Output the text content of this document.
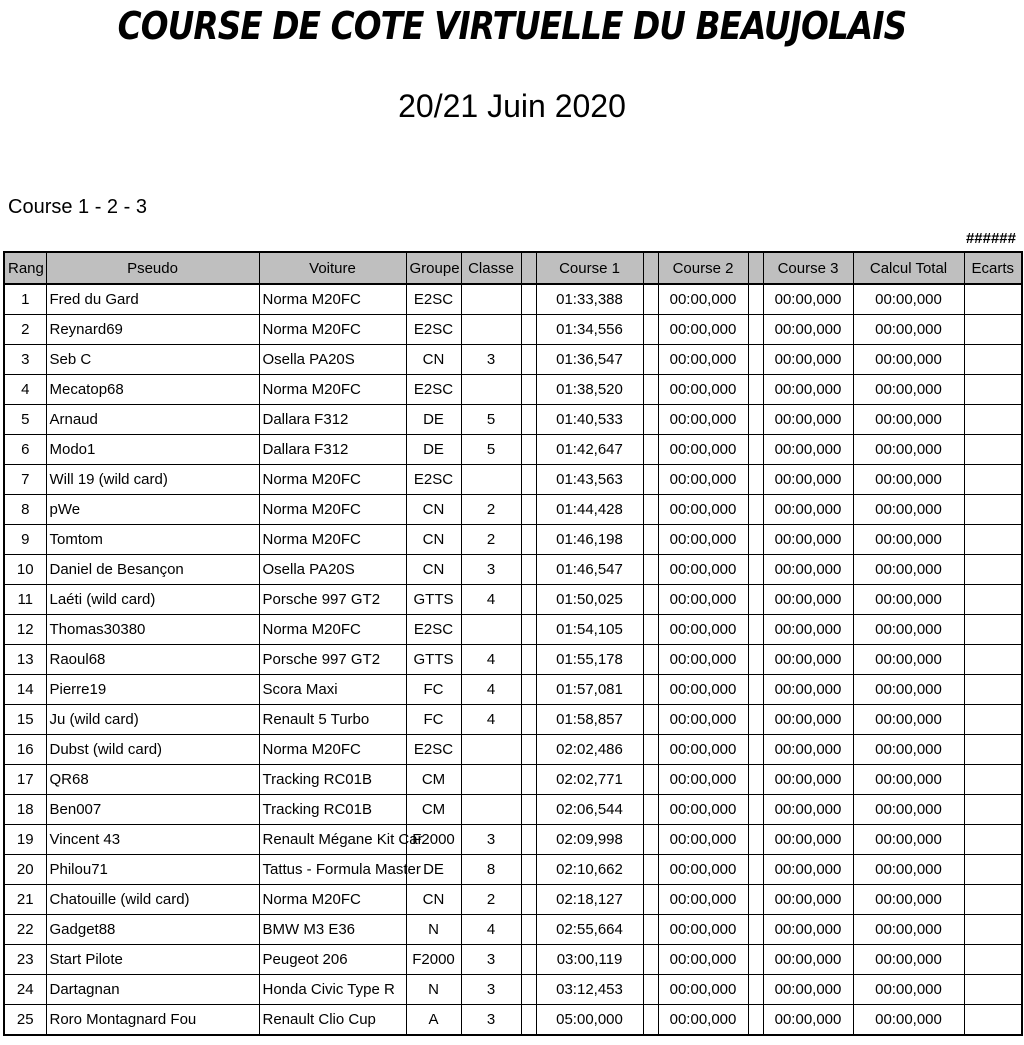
COURSE DE COTE VIRTUELLE DU BEAUJOLAIS
20/21 Juin 2020
Course 1 - 2 - 3
######
Rang	Pseudo	Voiture	Groupe	Classe		Course 1		Course 2		Course 3	Calcul Total	Ecarts
1	Fred du Gard	Norma M20FC	E2SC			01:33,388		00:00,000		00:00,000	00:00,000	
2	Reynard69	Norma M20FC	E2SC			01:34,556		00:00,000		00:00,000	00:00,000	
3	Seb C	Osella PA20S	CN	3		01:36,547		00:00,000		00:00,000	00:00,000	
4	Mecatop68	Norma M20FC	E2SC			01:38,520		00:00,000		00:00,000	00:00,000	
5	Arnaud	Dallara F312	DE	5		01:40,533		00:00,000		00:00,000	00:00,000	
6	Modo1	Dallara F312	DE	5		01:42,647		00:00,000		00:00,000	00:00,000	
7	Will 19 (wild card)	Norma M20FC	E2SC			01:43,563		00:00,000		00:00,000	00:00,000	
8	pWe	Norma M20FC	CN	2		01:44,428		00:00,000		00:00,000	00:00,000	
9	Tomtom	Norma M20FC	CN	2		01:46,198		00:00,000		00:00,000	00:00,000	
10	Daniel de Besançon	Osella PA20S	CN	3		01:46,547		00:00,000		00:00,000	00:00,000	
11	Laéti (wild card)	Porsche 997 GT2	GTTS	4		01:50,025		00:00,000		00:00,000	00:00,000	
12	Thomas30380	Norma M20FC	E2SC			01:54,105		00:00,000		00:00,000	00:00,000	
13	Raoul68	Porsche 997 GT2	GTTS	4		01:55,178		00:00,000		00:00,000	00:00,000	
14	Pierre19	Scora Maxi	FC	4		01:57,081		00:00,000		00:00,000	00:00,000	
15	Ju (wild card)	Renault 5 Turbo	FC	4		01:58,857		00:00,000		00:00,000	00:00,000	
16	Dubst (wild card)	Norma M20FC	E2SC			02:02,486		00:00,000		00:00,000	00:00,000	
17	QR68	Tracking RC01B	CM			02:02,771		00:00,000		00:00,000	00:00,000	
18	Ben007	Tracking RC01B	CM			02:06,544		00:00,000		00:00,000	00:00,000	
19	Vincent 43	Renault Mégane Kit Car	F2000	3		02:09,998		00:00,000		00:00,000	00:00,000	
20	Philou71	Tattus - Formula Master	DE	8		02:10,662		00:00,000		00:00,000	00:00,000	
21	Chatouille (wild card)	Norma M20FC	CN	2		02:18,127		00:00,000		00:00,000	00:00,000	
22	Gadget88	BMW M3 E36	N	4		02:55,664		00:00,000		00:00,000	00:00,000	
23	Start Pilote	Peugeot 206	F2000	3		03:00,119		00:00,000		00:00,000	00:00,000	
24	Dartagnan	Honda Civic Type R	N	3		03:12,453		00:00,000		00:00,000	00:00,000	
25	Roro Montagnard Fou	Renault Clio Cup	A	3		05:00,000		00:00,000		00:00,000	00:00,000	
